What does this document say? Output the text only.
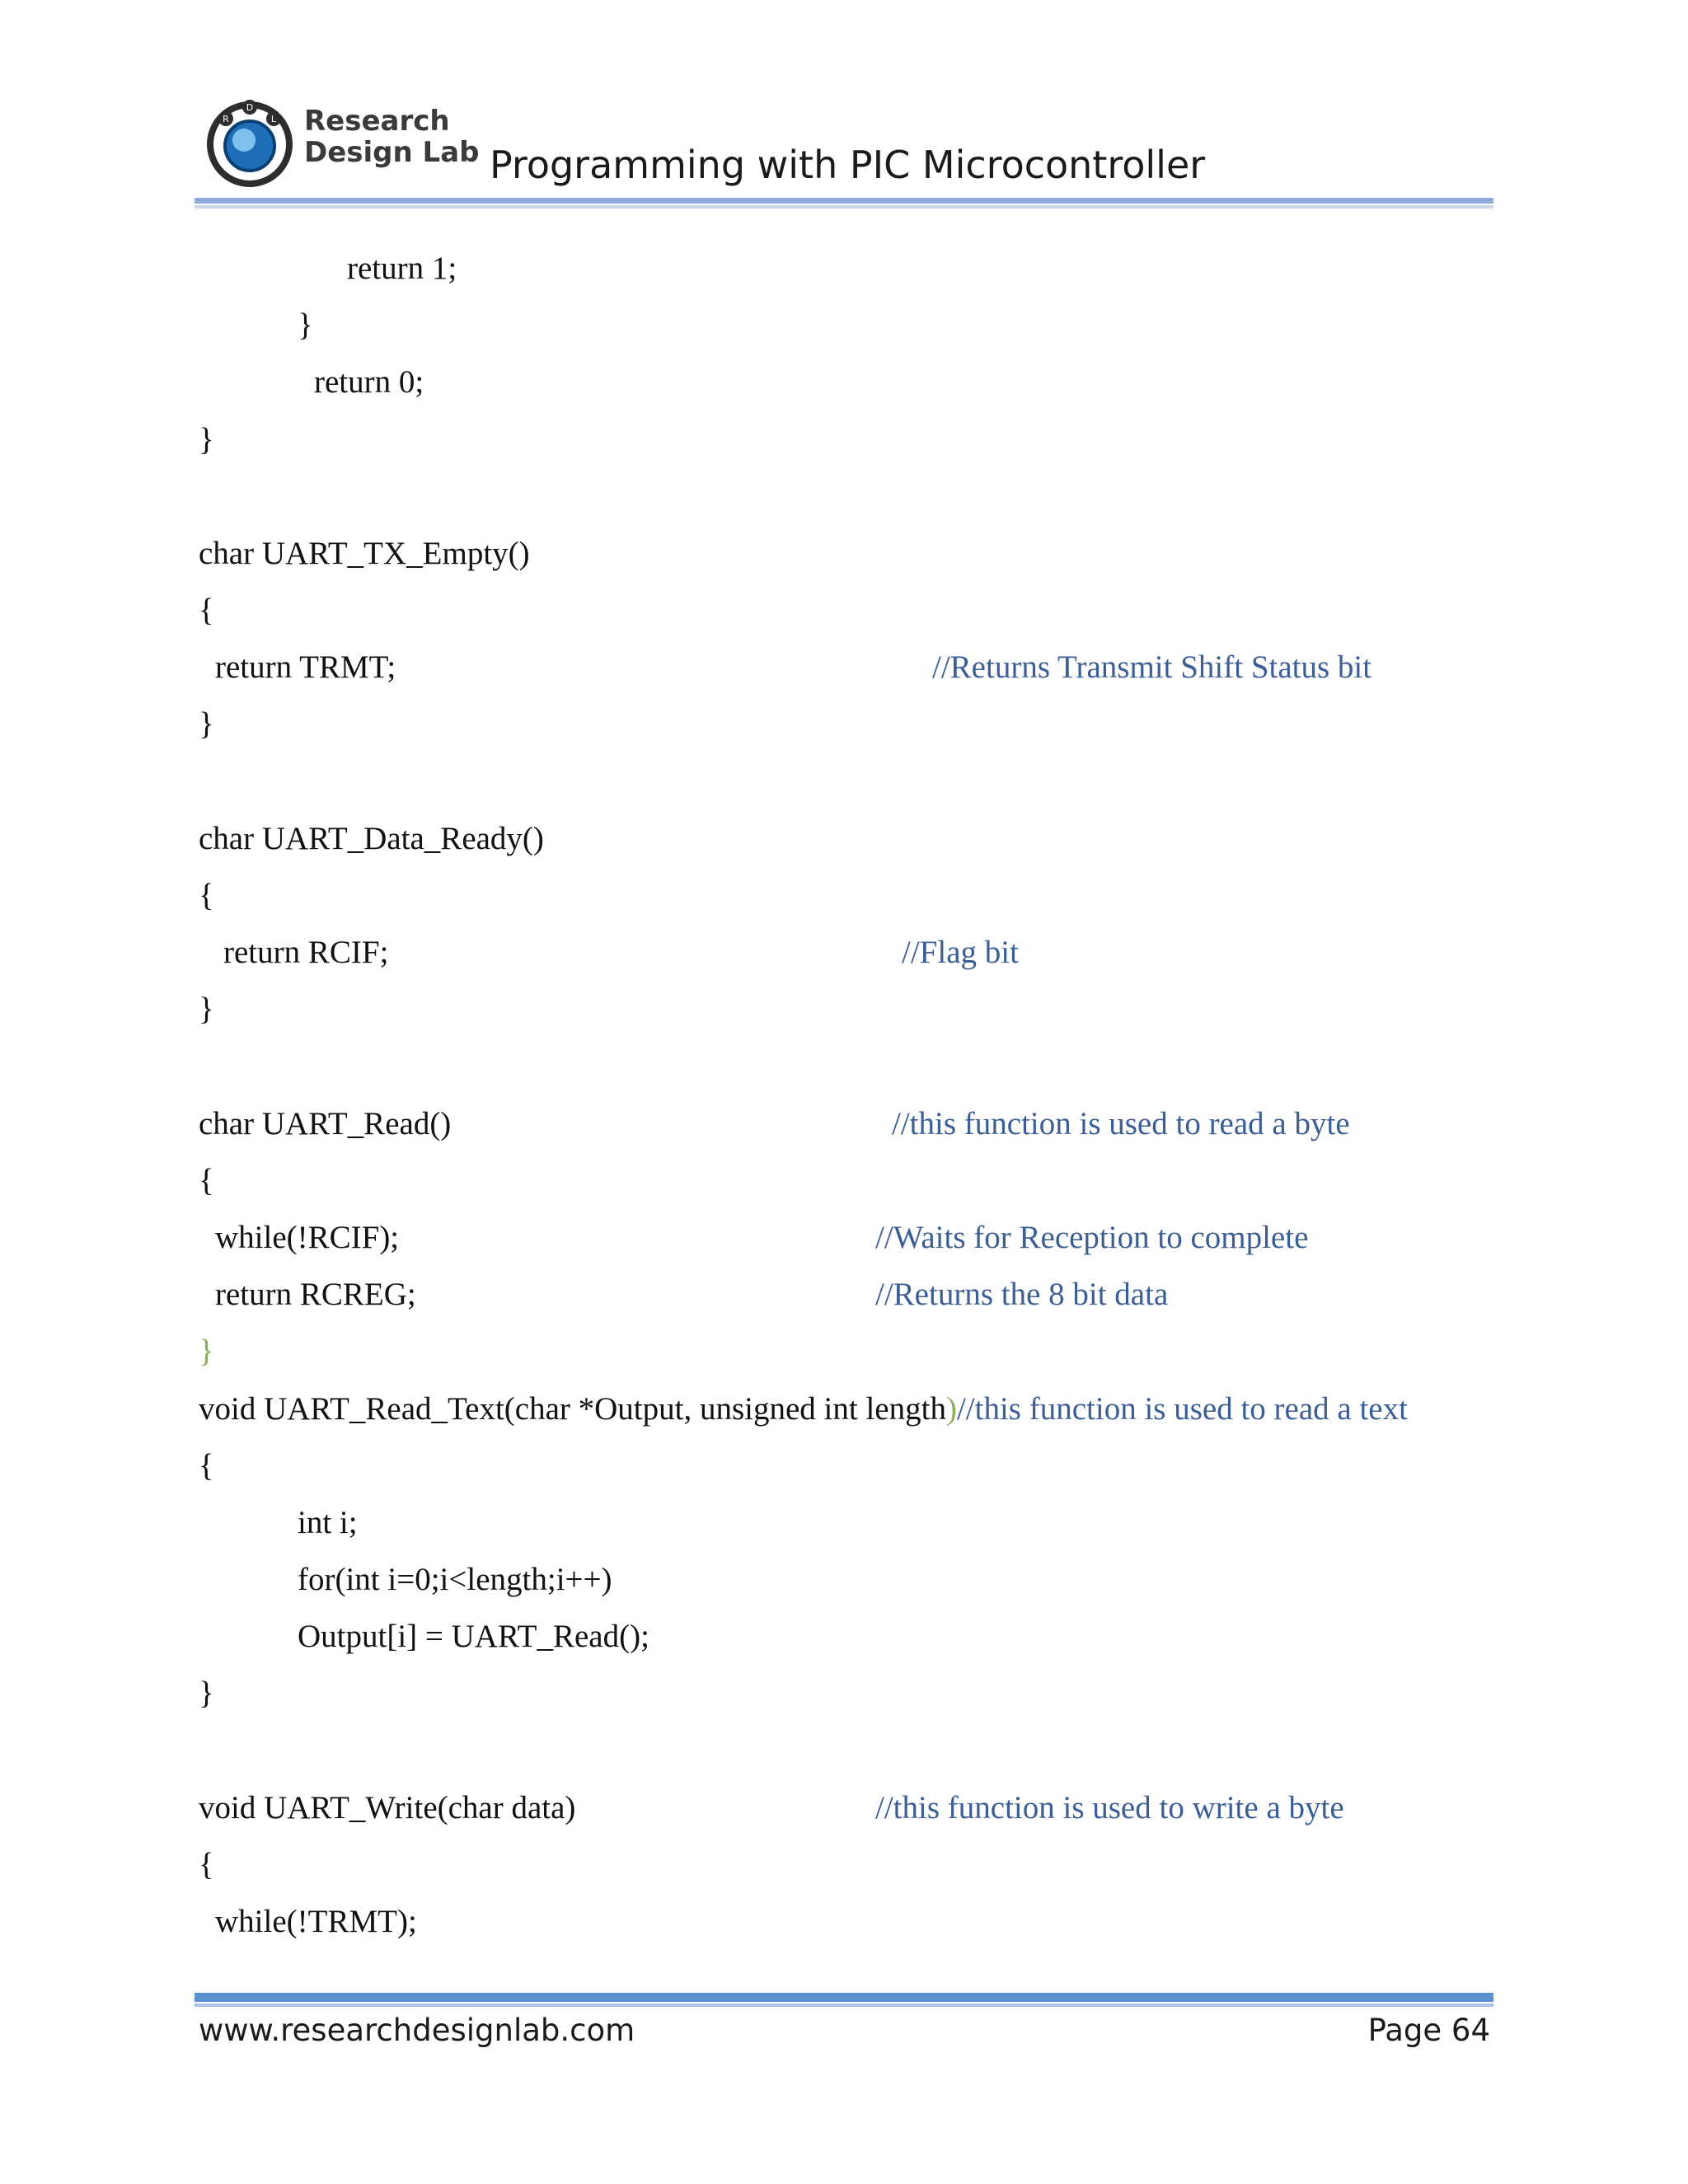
R
D
L Research
Design Lab Programming with PIC Microcontroller
return 1;
}
return 0;
}
char UART_TX_Empty()
{
return TRMT;	//Returns Transmit Shift Status bit
}
char UART_Data_Ready()
{
return RCIF;	//Flag bit
}
char UART_Read()	//this function is used to read a byte
{
while(!RCIF);	//Waits for Reception to complete
return RCREG;	//Returns the 8 bit data
}
void UART_Read_Text(char *Output, unsigned int length)//this function is used to read a text
{
int i;
for(int i=0;i<length;i++)
Output[i] = UART_Read();
}
void UART_Write(char data)	//this function is used to write a byte
{
while(!TRMT);
www.researchdesignlab.com	Page 64
